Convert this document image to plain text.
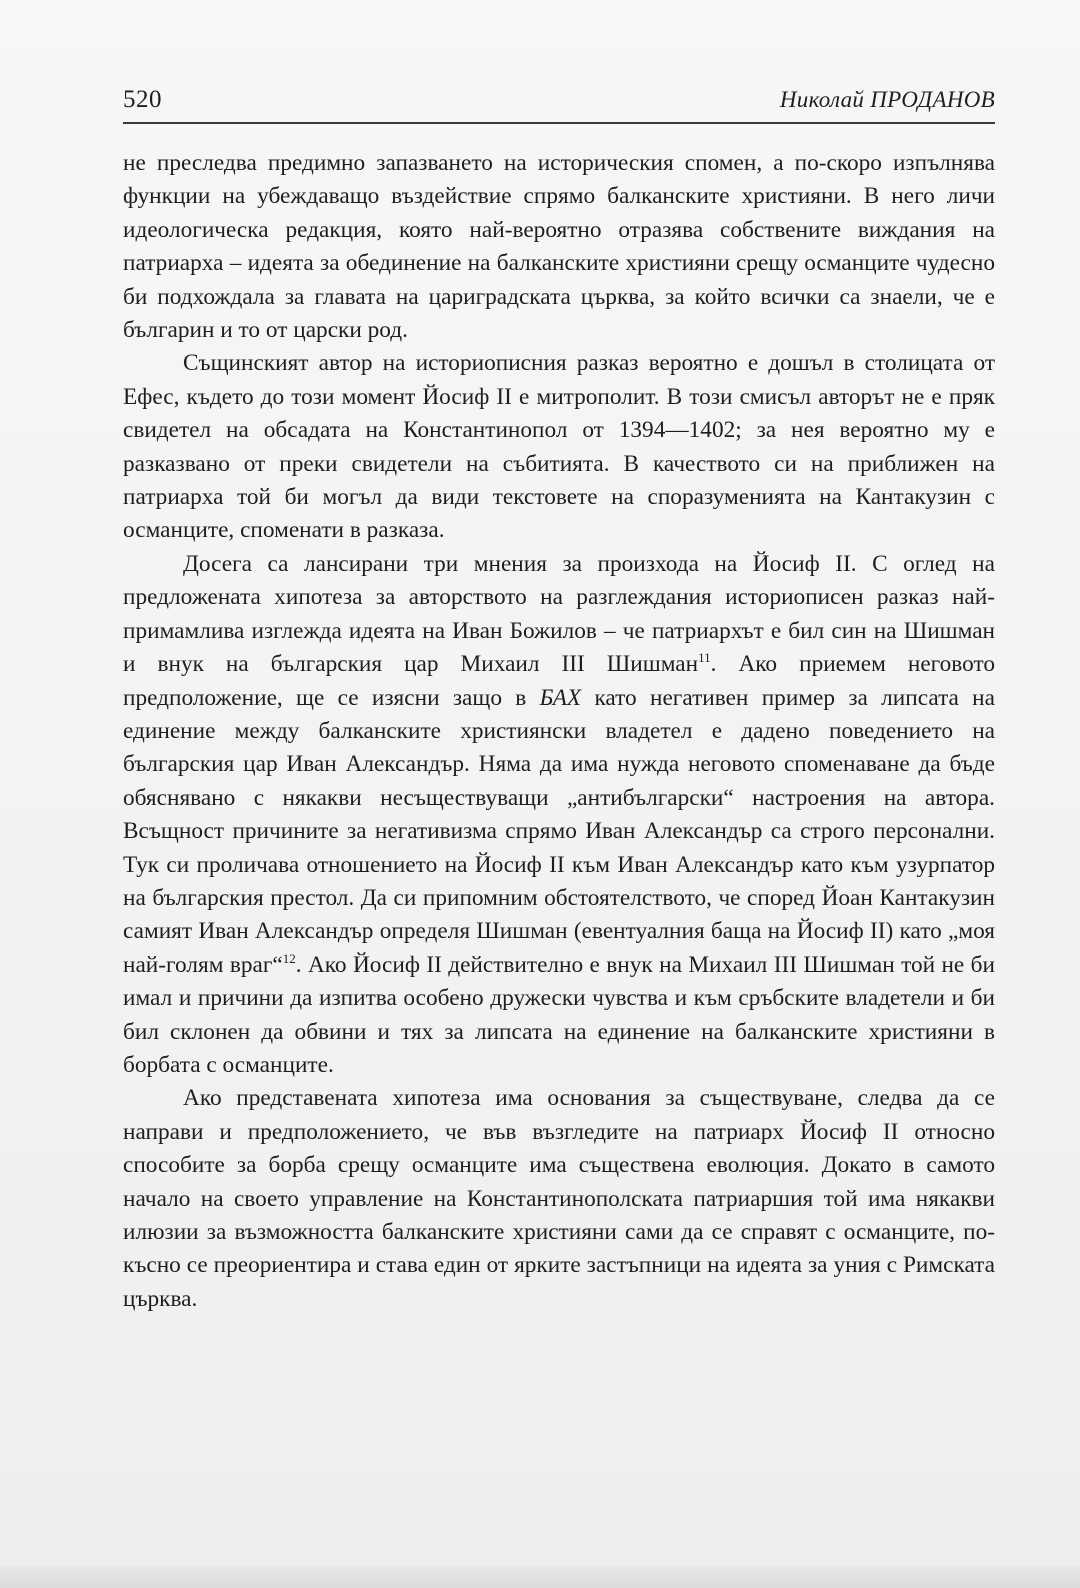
520	Николай ПРОДАНОВ

не преследва предимно запазването на историческия спомен, а по-скоро изпълнява функции на убеждаващо въздействие спрямо балканските християни. В него личи идеологическа редакция, която най-вероятно отразява собствените виждания на патриарха – идеята за обединение на балканските християни срещу османците чудесно би подхождала за главата на цариградската църква, за който всички са знаели, че е българин и то от царски род.

Същинският автор на историописния разказ вероятно е дошъл в столицата от Ефес, където до този момент Йосиф II е митрополит. В този смисъл авторът не е пряк свидетел на обсадата на Константинопол от 1394—1402; за нея вероятно му е разказвано от преки свидетели на събитията. В качеството си на приближен на патриарха той би могъл да види текстовете на споразуменията на Кантакузин с османците, споменати в разказа.

Досега са лансирани три мнения за произхода на Йосиф II. С оглед на предложената хипотеза за авторството на разглеждания историописен разказ най-примамлива изглежда идеята на Иван Божилов – че патриархът е бил син на Шишман и внук на българския цар Михаил III Шишман$^{11}$. Ако приемем неговото предположение, ще се изясни защо в БАХ като негативен пример за липсата на единение между балканските християнски владетел е дадено поведението на българския цар Иван Александър. Няма да има нужда неговото споменаване да бъде обяснявано с някакви несъществуващи „антибългарски“ настроения на автора. Всъщност причините за негативизма спрямо Иван Александър са строго персонални. Тук си проличава отношението на Йосиф II към Иван Александър като към узурпатор на българския престол. Да си припомним обстоятелството, че според Йоан Кантакузин самият Иван Александър определя Шишман (евентуалния баща на Йосиф II) като „моя най-голям враг“$^{12}$. Ако Йосиф II действително е внук на Михаил III Шишман той не би имал и причини да изпитва особено дружески чувства и към сръбските владетели и би бил склонен да обвини и тях за липсата на единение на балканските християни в борбата с османците.

Ако представената хипотеза има основания за съществуване, следва да се направи и предположението, че във възгледите на патриарх Йосиф II относно способите за борба срещу османците има съществена еволюция. Докато в самото начало на своето управление на Константинополската патриаршия той има някакви илюзии за възможността балканските християни сами да се справят с османците, по-късно се преориентира и става един от ярките застъпници на идеята за уния с Римската църква.
